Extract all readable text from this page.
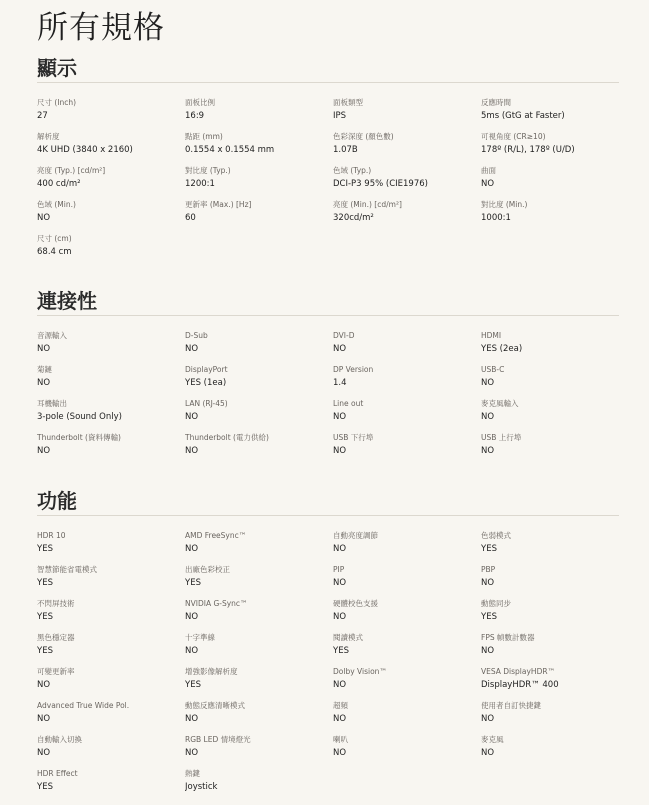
所有規格
顯示
尺寸 (Inch)
27
面板比例
16:9
面板類型
IPS
反應時間
5ms (GtG at Faster)
解析度
4K UHD (3840 x 2160)
點距 (mm)
0.1554 x 0.1554 mm
色彩深度 (顏色數)
1.07B
可視角度 (CR≥10)
178º (R/L), 178º (U/D)
亮度 (Typ.) [cd/m²]
400 cd/m²
對比度 (Typ.)
1200:1
色域 (Typ.)
DCI-P3 95% (CIE1976)
曲面
NO
色域 (Min.)
NO
更新率 (Max.) [Hz]
60
亮度 (Min.) [cd/m²]
320cd/m²
對比度 (Min.)
1000:1
尺寸 (cm)
68.4 cm
連接性
音源輸入
NO
D-Sub
NO
DVI-D
NO
HDMI
YES (2ea)
菊鏈
NO
DisplayPort
YES (1ea)
DP Version
1.4
USB-C
NO
耳機輸出
3-pole (Sound Only)
LAN (RJ-45)
NO
Line out
NO
麥克風輸入
NO
Thunderbolt (資料傳輸)
NO
Thunderbolt (電力供給)
NO
USB 下行埠
NO
USB 上行埠
NO
功能
HDR 10
YES
AMD FreeSync™
NO
自動亮度調節
NO
色弱模式
YES
智慧節能省電模式
YES
出廠色彩校正
YES
PIP
NO
PBP
NO
不閃屏技術
YES
NVIDIA G-Sync™
NO
硬體校色支援
NO
動態同步
YES
黑色穩定器
YES
十字準線
NO
閱讀模式
YES
FPS 幀數計數器
NO
可變更新率
NO
增強影像解析度
YES
Dolby Vision™
NO
VESA DisplayHDR™
DisplayHDR™ 400
Advanced True Wide Pol.
NO
動態反應清晰模式
NO
超頻
NO
使用者自訂快捷鍵
NO
自動輸入切換
NO
RGB LED 情境燈光
NO
喇叭
NO
麥克風
NO
HDR Effect
YES
熱鍵
Joystick
